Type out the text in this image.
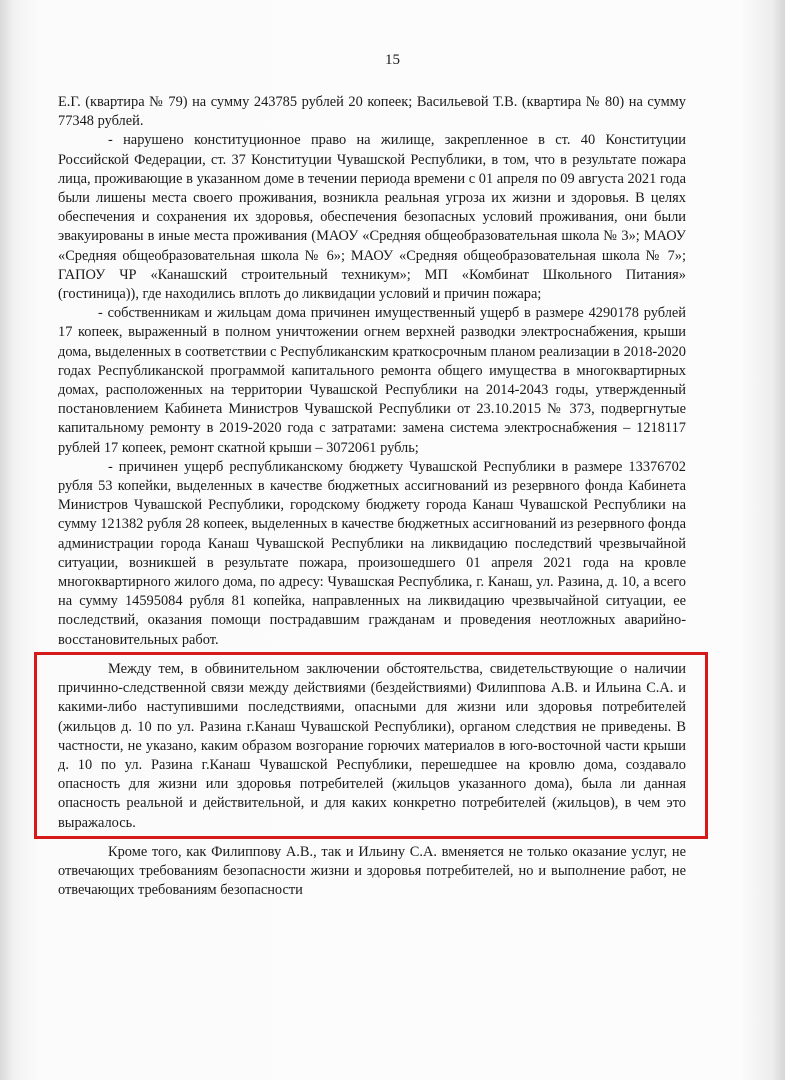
15

Е.Г. (квартира № 79) на сумму 243785 рублей 20 копеек; Васильевой Т.В. (квартира № 80) на сумму 77348 рублей.

- нарушено конституционное право на жилище, закрепленное в ст. 40 Конституции Российской Федерации, ст. 37 Конституции Чувашской Республики, в том, что в результате пожара лица, проживающие в указанном доме в течении периода времени с 01 апреля по 09 августа 2021 года были лишены места своего проживания, возникла реальная угроза их жизни и здоровья. В целях обеспечения и сохранения их здоровья, обеспечения безопасных условий проживания, они были эвакуированы в иные места проживания (МАОУ «Средняя общеобразовательная школа № 3»; МАОУ «Средняя общеобразовательная школа № 6»; МАОУ «Средняя общеобразовательная школа № 7»; ГАПОУ ЧР «Канашский строительный техникум»; МП «Комбинат Школьного Питания» (гостиница)), где находились вплоть до ликвидации условий и причин пожара;

- собственникам и жильцам дома причинен имущественный ущерб в размере 4290178 рублей 17 копеек, выраженный в полном уничтожении огнем верхней разводки электроснабжения, крыши дома, выделенных в соответствии с Республиканским краткосрочным планом реализации в 2018-2020 годах Республиканской программой капитального ремонта общего имущества в многоквартирных домах, расположенных на территории Чувашской Республики на 2014-2043 годы, утвержденный постановлением Кабинета Министров Чувашской Республики от 23.10.2015 № 373, подвергнутые капитальному ремонту в 2019-2020 года с затратами: замена система электроснабжения – 1218117 рублей 17 копеек, ремонт скатной крыши – 3072061 рубль;

- причинен ущерб республиканскому бюджету Чувашской Республики в размере 13376702 рубля 53 копейки, выделенных в качестве бюджетных ассигнований из резервного фонда Кабинета Министров Чувашской Республики, городскому бюджету города Канаш Чувашской Республики на сумму 121382 рубля 28 копеек, выделенных в качестве бюджетных ассигнований из резервного фонда администрации города Канаш Чувашской Республики на ликвидацию последствий чрезвычайной ситуации, возникшей в результате пожара, произошедшего 01 апреля 2021 года на кровле многоквартирного жилого дома, по адресу: Чувашская Республика, г. Канаш, ул. Разина, д. 10, а всего на сумму 14595084 рубля 81 копейка, направленных на ликвидацию чрезвычайной ситуации, ее последствий, оказания помощи пострадавшим гражданам и проведения неотложных аварийно-восстановительных работ.

Между тем, в обвинительном заключении обстоятельства, свидетельствующие о наличии причинно-следственной связи между действиями (бездействиями) Филиппова А.В. и Ильина С.А. и какими-либо наступившими последствиями, опасными для жизни или здоровья потребителей (жильцов д. 10 по ул. Разина г.Канаш Чувашской Республики), органом следствия не приведены. В частности, не указано, каким образом возгорание горючих материалов в юго-восточной части крыши д. 10 по ул. Разина г.Канаш Чувашской Республики, перешедшее на кровлю дома, создавало опасность для жизни или здоровья потребителей (жильцов указанного дома), была ли данная опасность реальной и действительной, и для каких конкретно потребителей (жильцов), в чем это выражалось.

Кроме того, как Филиппову А.В., так и Ильину С.А. вменяется не только оказание услуг, не отвечающих требованиям безопасности жизни и здоровья потребителей, но и выполнение работ, не отвечающих требованиям безопасности
